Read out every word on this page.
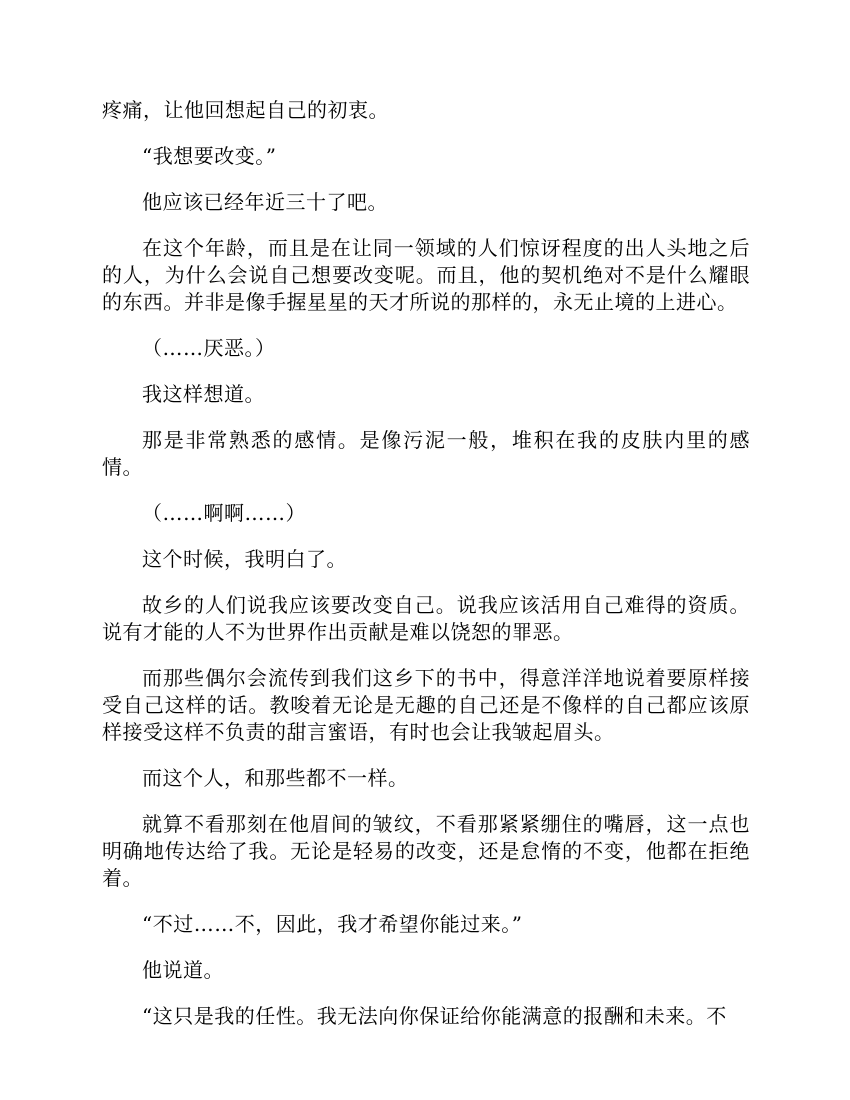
疼痛，让他回想起自己的初衷。

“我想要改变。”

他应该已经年近三十了吧。

在这个年龄，而且是在让同一领域的人们惊讶程度的出人头地之后的人，为什么会说自己想要改变呢。而且，他的契机绝对不是什么耀眼的东西。并非是像手握星星的天才所说的那样的，永无止境的上进心。

（……厌恶。）

我这样想道。

那是非常熟悉的感情。是像污泥一般，堆积在我的皮肤内里的感情。

（……啊啊……）

这个时候，我明白了。

故乡的人们说我应该要改变自己。说我应该活用自己难得的资质。说有才能的人不为世界作出贡献是难以饶恕的罪恶。

而那些偶尔会流传到我们这乡下的书中，得意洋洋地说着要原样接受自己这样的话。教唆着无论是无趣的自己还是不像样的自己都应该原样接受这样不负责的甜言蜜语，有时也会让我皱起眉头。

而这个人，和那些都不一样。

就算不看那刻在他眉间的皱纹，不看那紧紧绷住的嘴唇，这一点也明确地传达给了我。无论是轻易的改变，还是怠惰的不变，他都在拒绝着。

“不过……不，因此，我才希望你能过来。”

他说道。

“这只是我的任性。我无法向你保证给你能满意的报酬和未来。不
